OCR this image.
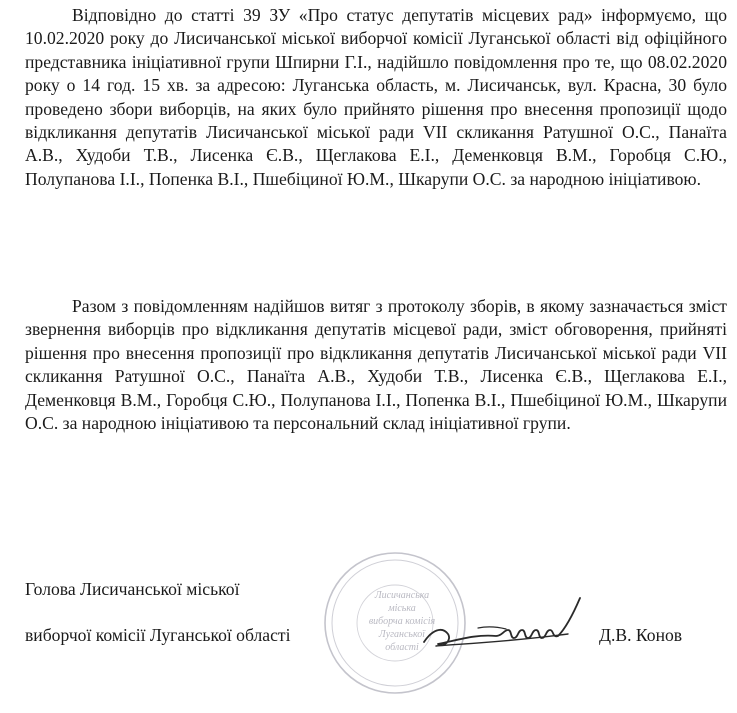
Відповідно до статті 39 ЗУ «Про статус депутатів місцевих рад» інформуємо, що 10.02.2020 року до Лисичанської міської виборчої комісії Луганської області від офіційного представника ініціативної групи Шпирни Г.І., надійшло повідомлення про те, що 08.02.2020 року о 14 год. 15 хв. за адресою: Луганська область, м. Лисичанськ, вул. Красна, 30 було проведено збори виборців, на яких було прийнято рішення про внесення пропозиції щодо відкликання депутатів Лисичанської міської ради VII скликання Ратушної О.С., Панаїта А.В., Худоби Т.В., Лисенка Є.В., Щеглакова Е.І., Деменковця В.М., Горобця С.Ю., Полупанова І.І., Попенка В.І., Пшебіциної Ю.М., Шкарупи О.С. за народною ініціативою.

Разом з повідомленням надійшов витяг з протоколу зборів, в якому зазначається зміст звернення виборців про відкликання депутатів місцевої ради, зміст обговорення, прийняті рішення про внесення пропозиції про відкликання депутатів Лисичанської міської ради VII скликання Ратушної О.С., Панаїта А.В., Худоби Т.В., Лисенка Є.В., Щеглакова Е.І., Деменковця В.М., Горобця С.Ю., Полупанова І.І., Попенка В.І., Пшебіциної Ю.М., Шкарупи О.С. за народною ініціативою та персональний склад ініціативної групи.

Лисичанська
міська
виборча комісія
Луганської
області

Голова Лисичанської міської

виборчої комісії Луганської області	Д.В. Конов
